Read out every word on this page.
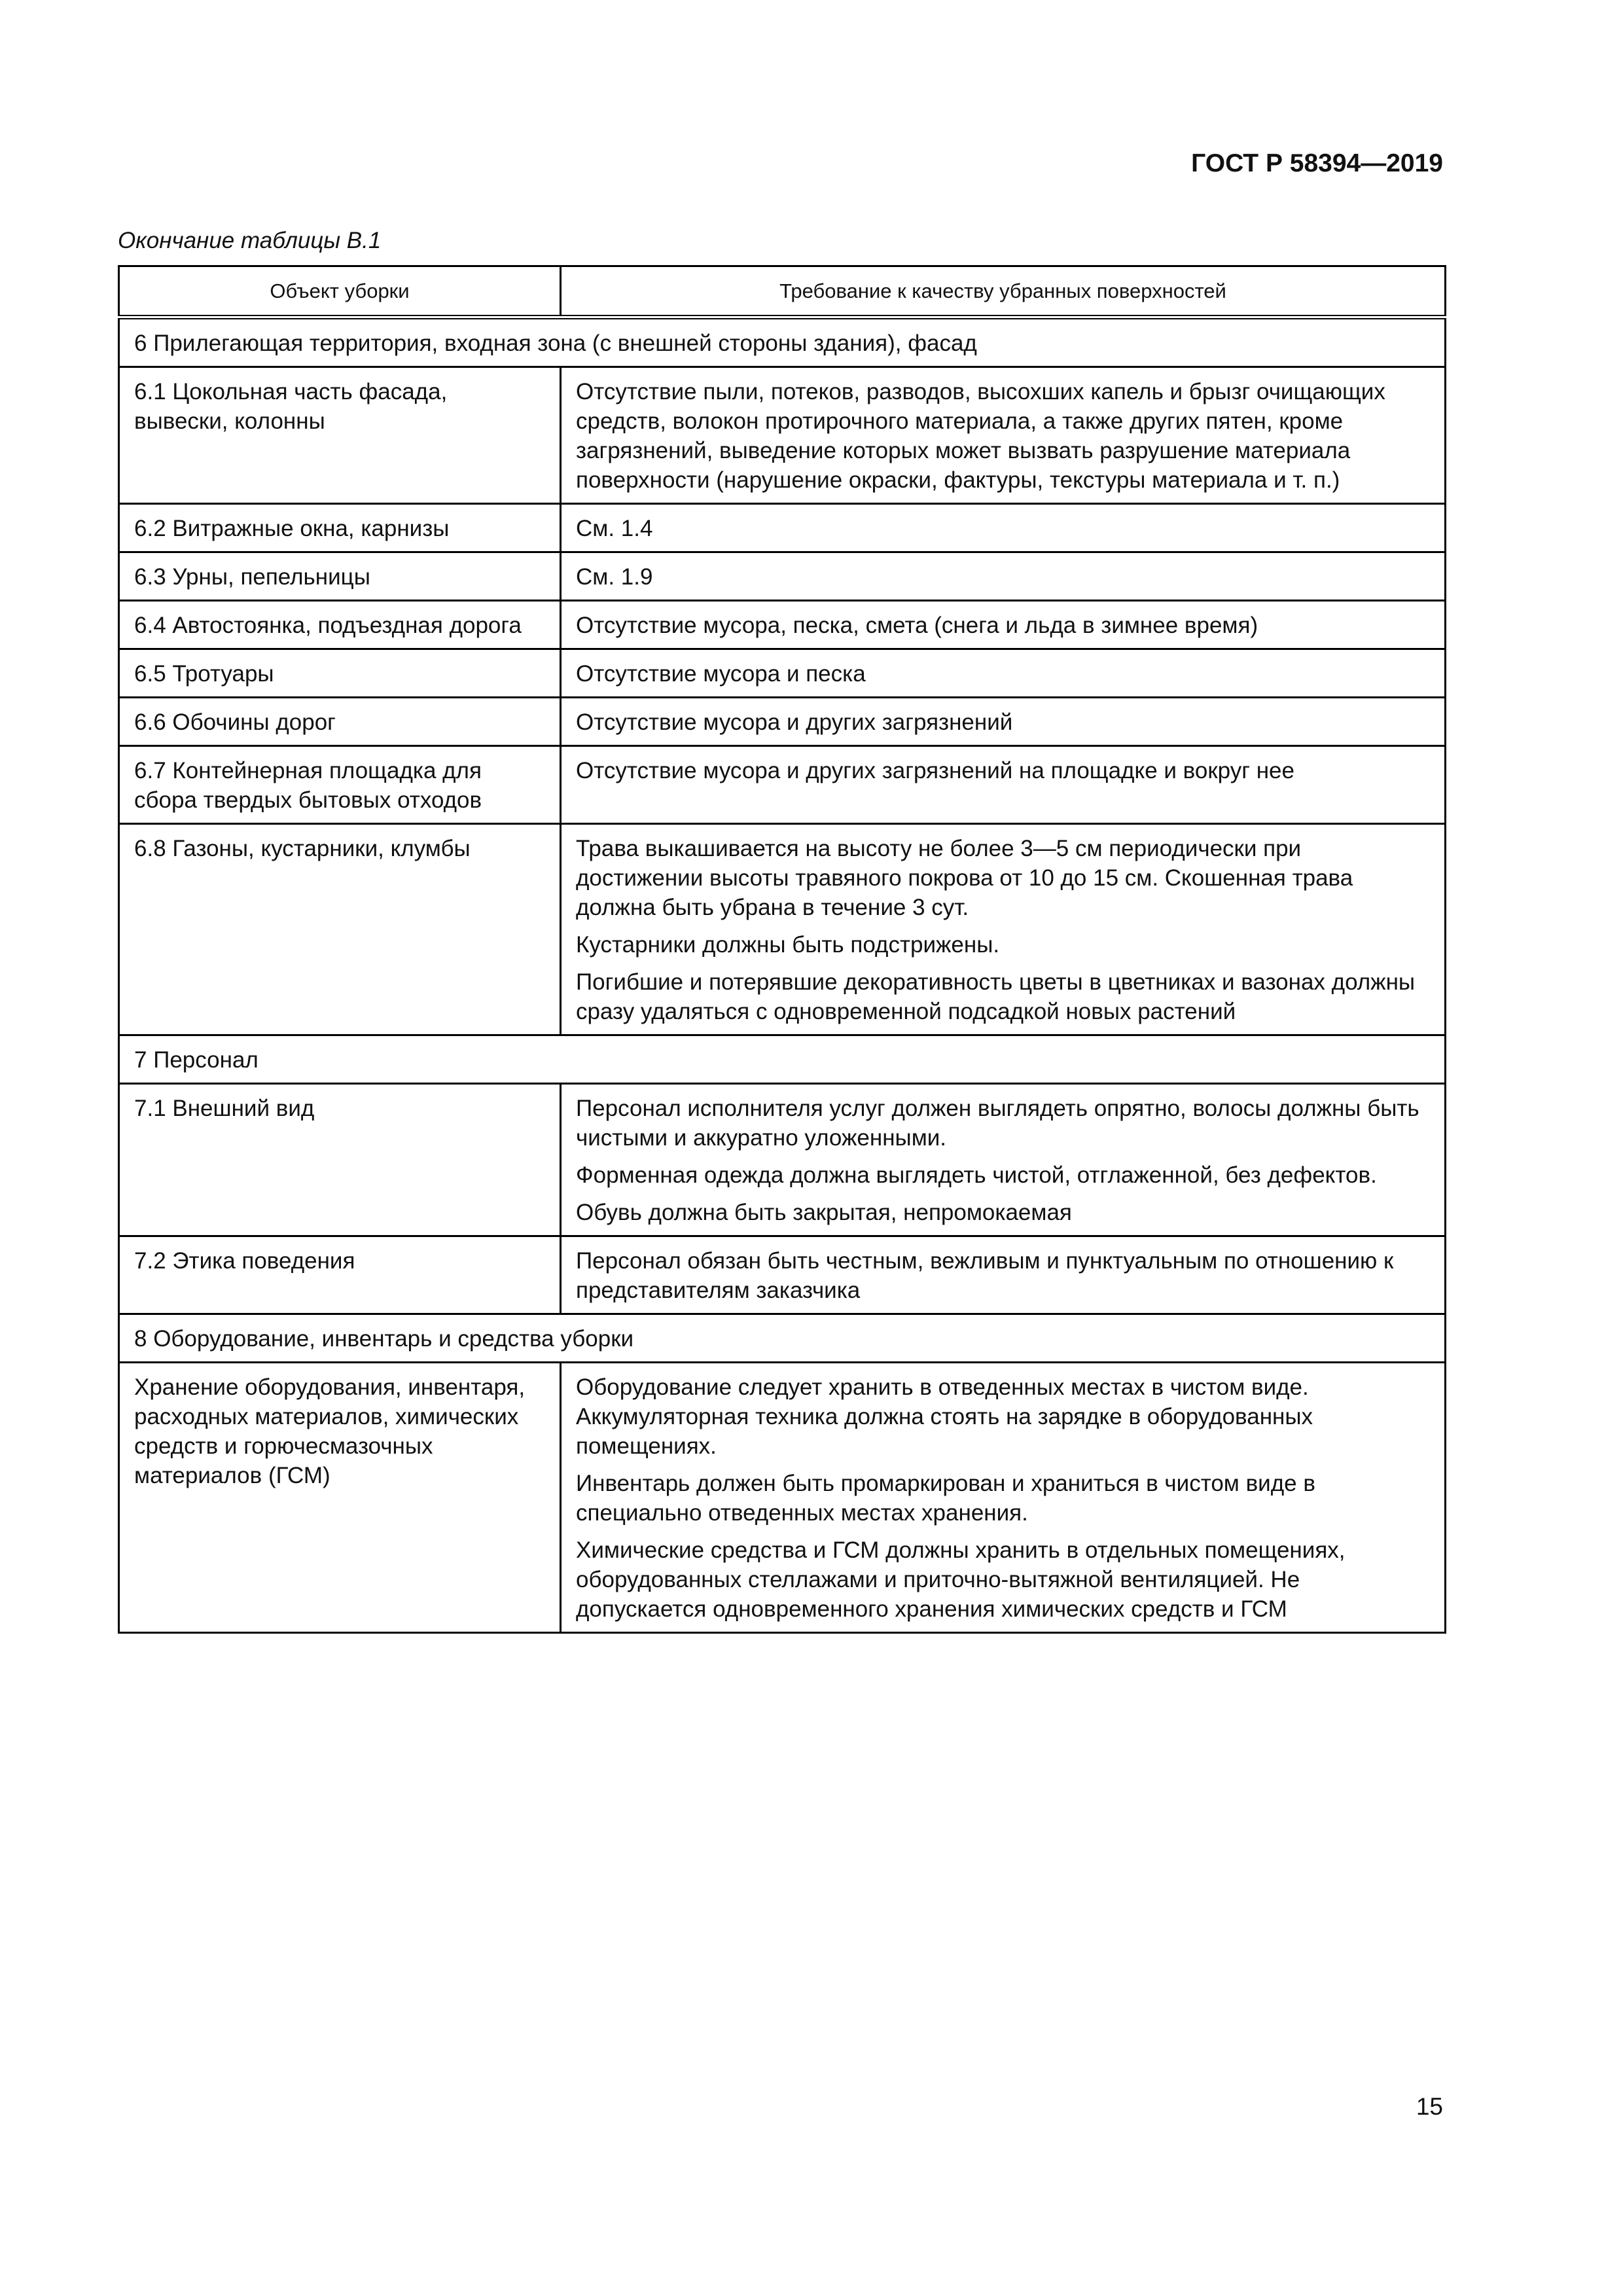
ГОСТ Р 58394—2019
Окончание таблицы В.1
Объект уборки	Требование к качеству убранных поверхностей
6 Прилегающая территория, входная зона (с внешней стороны здания), фасад	
6.1 Цокольная часть фасада, вывески, колонны	Отсутствие пыли, потеков, разводов, высохших капель и брызг очищающих средств, волокон протирочного материала, а также других пятен, кроме загрязнений, выведение которых может вызвать разрушение материала поверхности (нарушение окраски, фактуры, текстуры материала и т. п.)

6.2 Витражные окна, карнизы	См. 1.4
6.3 Урны, пепельницы	См. 1.9
6.4 Автостоянка, подъездная дорога	Отсутствие мусора, песка, смета (снега и льда в зимнее время)
6.5 Тротуары	Отсутствие мусора и песка
6.6 Обочины дорог	Отсутствие мусора и других загрязнений
6.7 Контейнерная площадка для сбора твердых бытовых отходов	Отсутствие мусора и других загрязнений на площадке и вокруг нее
6.8 Газоны, кустарники, клумбы	Трава выкашивается на высоту не более 3—5 см периодически при достижении высоты травяного покрова от 10 до 15 см. Скошенная трава должна быть убрана в течение 3 сут.

Кустарники должны быть подстрижены.

Погибшие и потерявшие декоративность цветы в цветниках и вазонах должны сразу удаляться с одновременной подсадкой новых растений

7 Персонал	
7.1 Внешний вид	Персонал исполнителя услуг должен выглядеть опрятно, волосы должны быть чистыми и аккуратно уложенными.

Форменная одежда должна выглядеть чистой, отглаженной, без дефектов.

Обувь должна быть закрытая, непромокаемая

7.2 Этика поведения	Персонал обязан быть честным, вежливым и пунктуальным по отношению к представителям заказчика

8 Оборудование, инвентарь и средства уборки	
Хранение оборудования, инвентаря, расходных материалов, химических средств и горючесмазочных материалов (ГСМ)	Оборудование следует хранить в отведенных местах в чистом виде. Аккумуляторная техника должна стоять на зарядке в оборудованных помещениях.

Инвентарь должен быть промаркирован и храниться в чистом виде в специально отведенных местах хранения.

Химические средства и ГСМ должны хранить в отдельных помещениях, оборудованных стеллажами и приточно-вытяжной вентиляцией. Не допускается одновременного хранения химических средств и ГСМ

15
